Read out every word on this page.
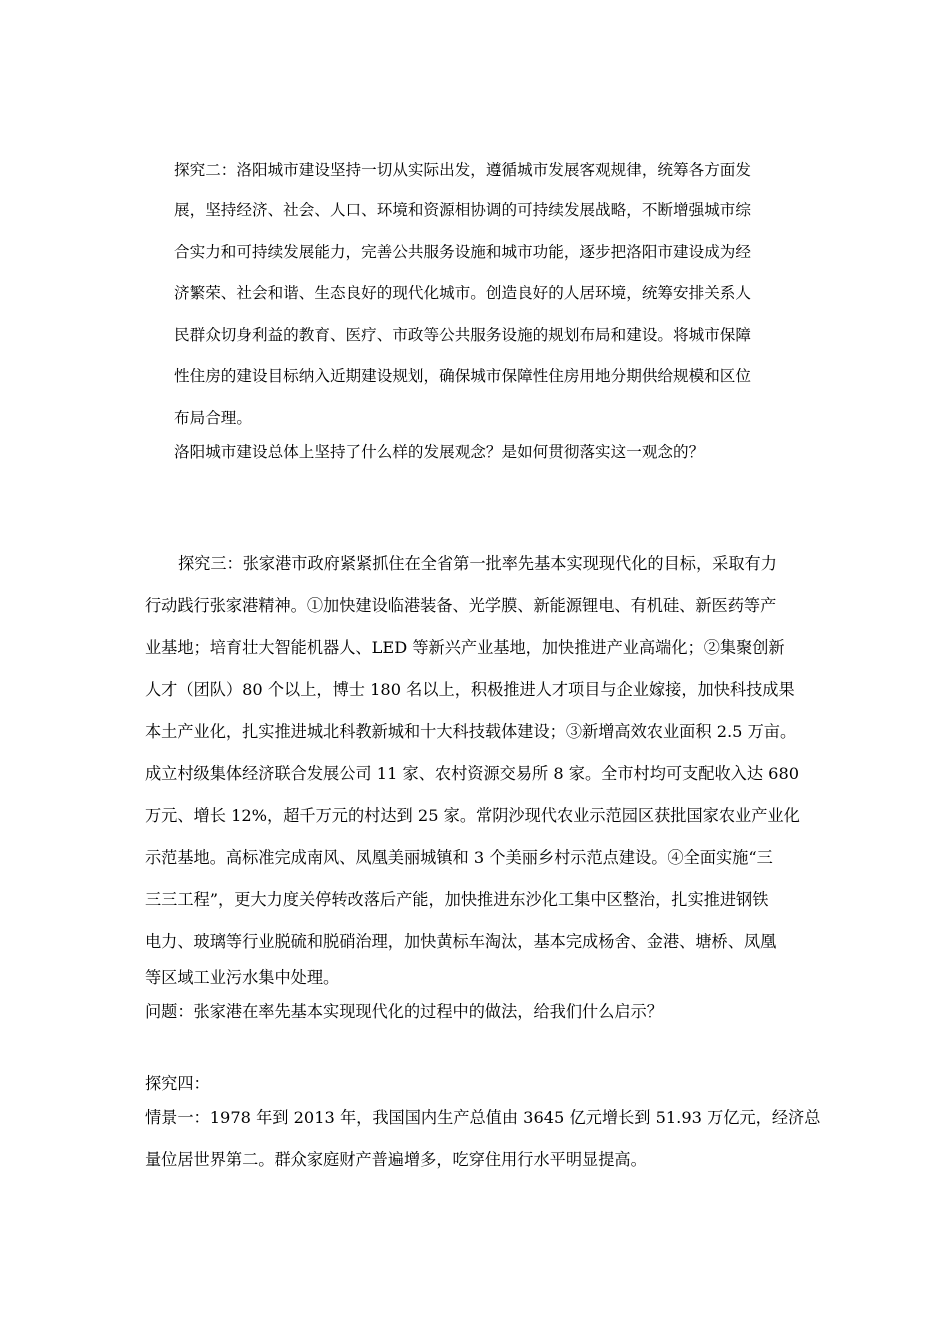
探究二：洛阳城市建设坚持一切从实际出发，遵循城市发展客观规律，统筹各方面发
展，坚持经济、社会、人口、环境和资源相协调的可持续发展战略，不断增强城市综
合实力和可持续发展能力，完善公共服务设施和城市功能，逐步把洛阳市建设成为经
济繁荣、社会和谐、生态良好的现代化城市。创造良好的人居环境，统筹安排关系人
民群众切身利益的教育、医疗、市政等公共服务设施的规划布局和建设。将城市保障
性住房的建设目标纳入近期建设规划，确保城市保障性住房用地分期供给规模和区位
布局合理。
洛阳城市建设总体上坚持了什么样的发展观念？是如何贯彻落实这一观念的？
探究三：张家港市政府紧紧抓住在全省第一批率先基本实现现代化的目标，采取有力
行动践行张家港精神。①加快建设临港装备、光学膜、新能源锂电、有机硅、新医药等产
业基地；培育壮大智能机器人、LED 等新兴产业基地，加快推进产业高端化；②集聚创新
人才（团队）80 个以上，博士 180 名以上，积极推进人才项目与企业嫁接，加快科技成果
本土产业化，扎实推进城北科教新城和十大科技载体建设；③新增高效农业面积 2.5 万亩。
成立村级集体经济联合发展公司 11 家、农村资源交易所 8 家。全市村均可支配收入达 680
万元、增长 12%，超千万元的村达到 25 家。常阴沙现代农业示范园区获批国家农业产业化
示范基地。高标准完成南风、凤凰美丽城镇和 3 个美丽乡村示范点建设。④全面实施“三
三三工程”，更大力度关停转改落后产能，加快推进东沙化工集中区整治，扎实推进钢铁
电力、玻璃等行业脱硫和脱硝治理，加快黄标车淘汰，基本完成杨舍、金港、塘桥、凤凰
等区域工业污水集中处理。
问题：张家港在率先基本实现现代化的过程中的做法，给我们什么启示？
探究四：
情景一：1978 年到 2013 年，我国国内生产总值由 3645 亿元增长到 51.93 万亿元，经济总
量位居世界第二。群众家庭财产普遍增多，吃穿住用行水平明显提高。
